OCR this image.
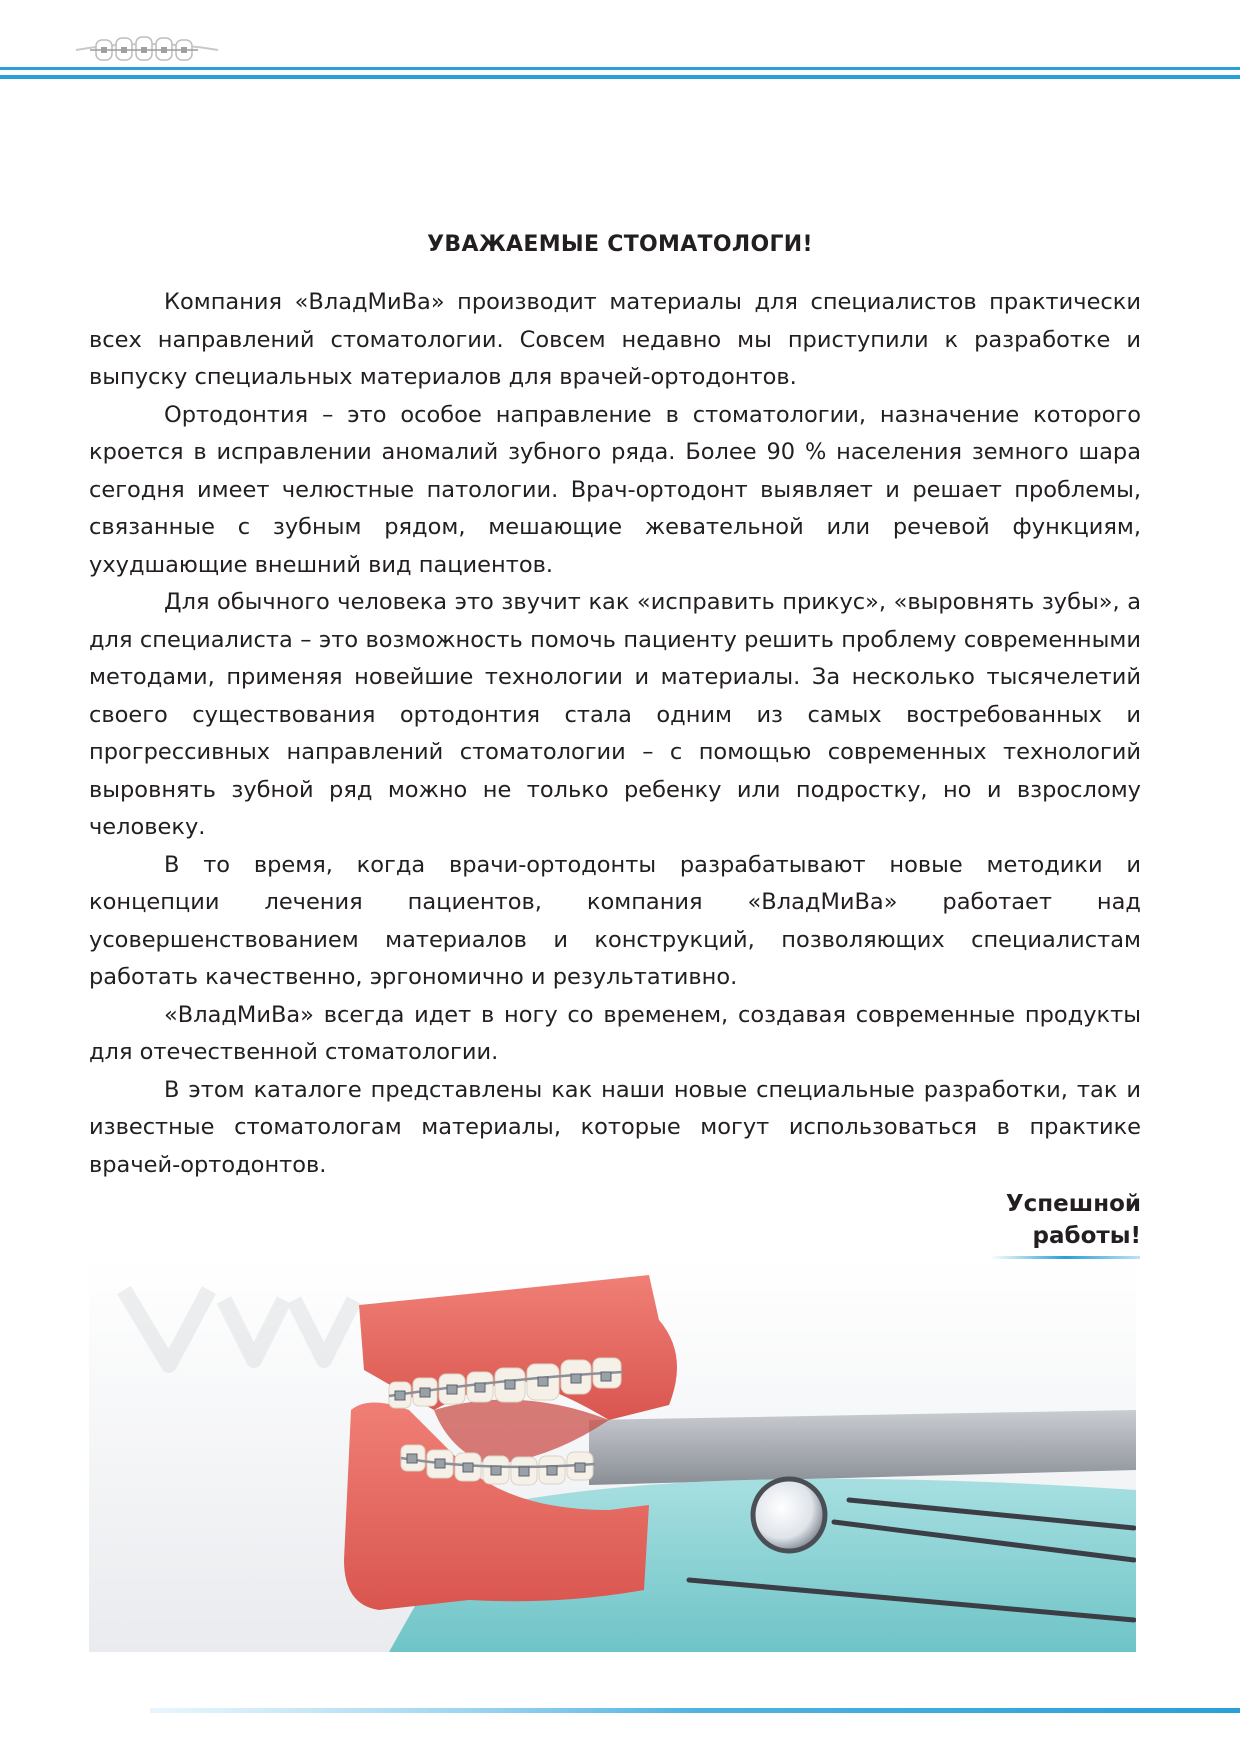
УВАЖАЕМЫЕ СТОМАТОЛОГИ!

Компания «ВладМиВа» производит материалы для специалистов практически всех направлений стоматологии. Совсем недавно мы приступили к разработке и выпуску специальных материалов для врачей-ортодонтов.

Ортодонтия – это особое направление в стоматологии, назначение которого кроется в исправлении аномалий зубного ряда. Более 90 % населения земного шара сегодня имеет челюстные патологии. Врач-ортодонт выявляет и решает проблемы, связанные с зубным рядом, мешающие жевательной или речевой функциям, ухудшающие внешний вид пациентов.

Для обычного человека это звучит как «исправить прикус», «выровнять зубы», а для специалиста – это возможность помочь пациенту решить проблему современными методами, применяя новейшие технологии и материалы. За несколько тысячелетий своего существования ортодонтия стала одним из самых востребованных и прогрессивных направлений стоматологии – с помощью современных технологий выровнять зубной ряд можно не только ребенку или подростку, но и взрослому человеку.

В то время, когда врачи-ортодонты разрабатывают новые методики и концепции лечения пациентов, компания «ВладМиВа» работает над усовершенствованием материалов и конструкций, позволяющих специалистам работать качественно, эргономично и результативно.

«ВладМиВа» всегда идет в ногу со временем, создавая современные продукты для отечественной стоматологии.

В этом каталоге представлены как наши новые специальные разработки, так и известные стоматологам материалы, которые могут использоваться в практике врачей-ортодонтов.

Успешной
работы!
